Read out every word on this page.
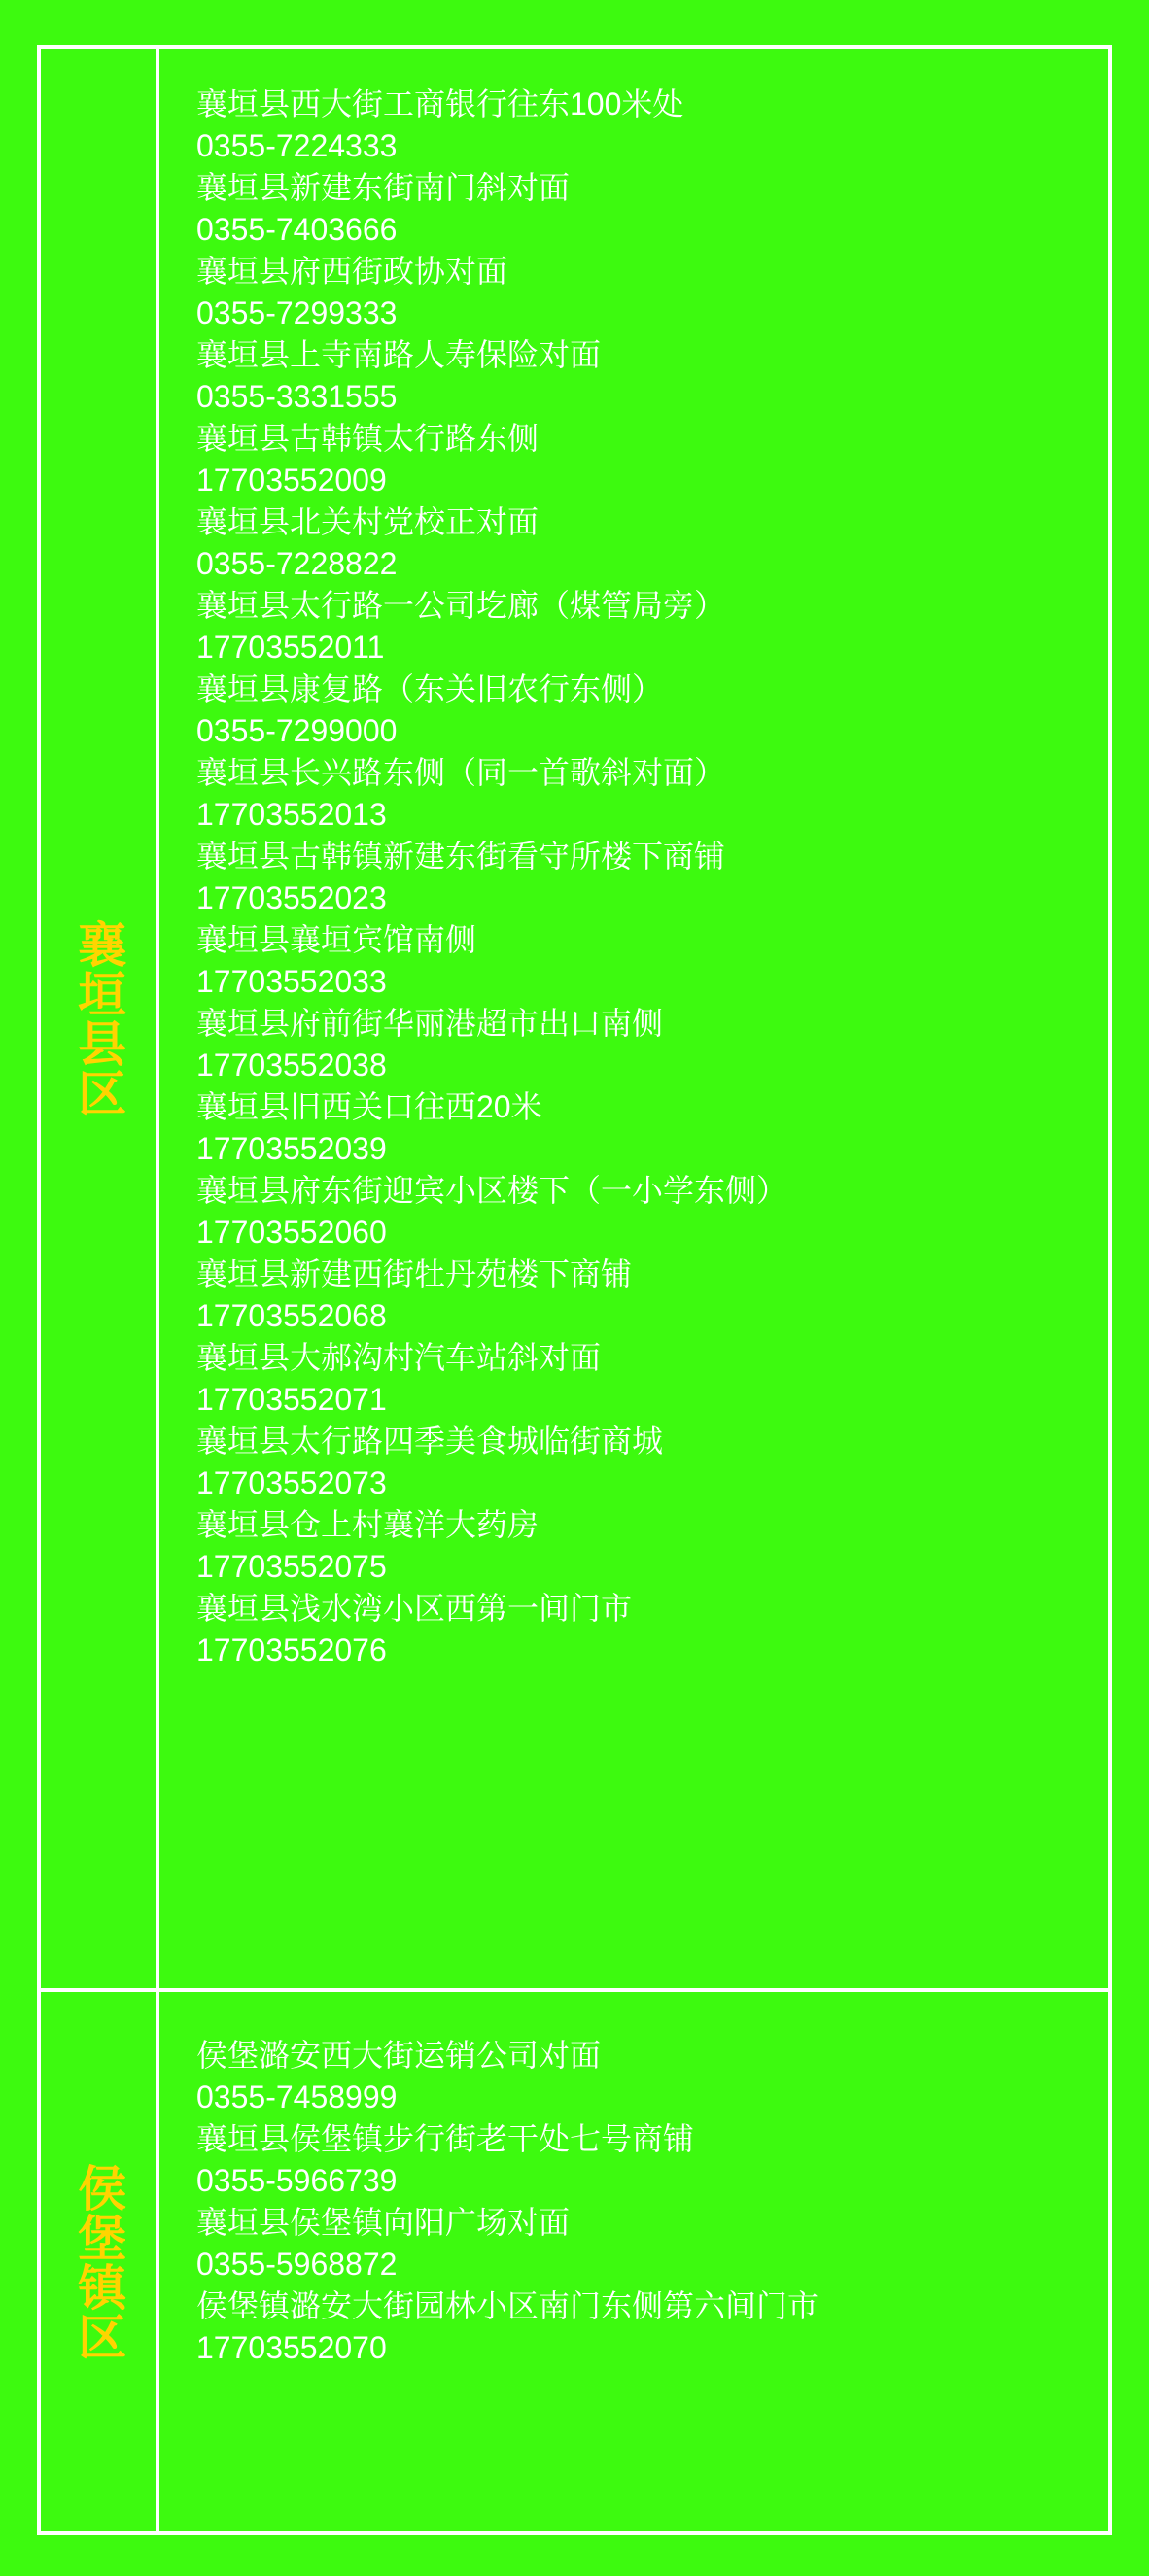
襄垣县区
襄垣县西大街工商银行往东100米处
0355-7224333
襄垣县新建东街南门斜对面
0355-7403666
襄垣县府西街政协对面
0355-7299333
襄垣县上寺南路人寿保险对面
0355-3331555
襄垣县古韩镇太行路东侧
17703552009
襄垣县北关村党校正对面
0355-7228822
襄垣县太行路一公司圪廊（煤管局旁）
17703552011
襄垣县康复路（东关旧农行东侧）
0355-7299000
襄垣县长兴路东侧（同一首歌斜对面）
17703552013
襄垣县古韩镇新建东街看守所楼下商铺
17703552023
襄垣县襄垣宾馆南侧
17703552033
襄垣县府前街华丽港超市出口南侧
17703552038
襄垣县旧西关口往西20米
17703552039
襄垣县府东街迎宾小区楼下（一小学东侧）
17703552060
襄垣县新建西街牡丹苑楼下商铺
17703552068
襄垣县大郝沟村汽车站斜对面
17703552071
襄垣县太行路四季美食城临街商城
17703552073
襄垣县仓上村襄洋大药房
17703552075
襄垣县浅水湾小区西第一间门市
17703552076
侯堡镇区
侯堡潞安西大街运销公司对面
0355-7458999
襄垣县侯堡镇步行街老干处七号商铺
0355-5966739
襄垣县侯堡镇向阳广场对面
0355-5968872
侯堡镇潞安大街园林小区南门东侧第六间门市
17703552070
